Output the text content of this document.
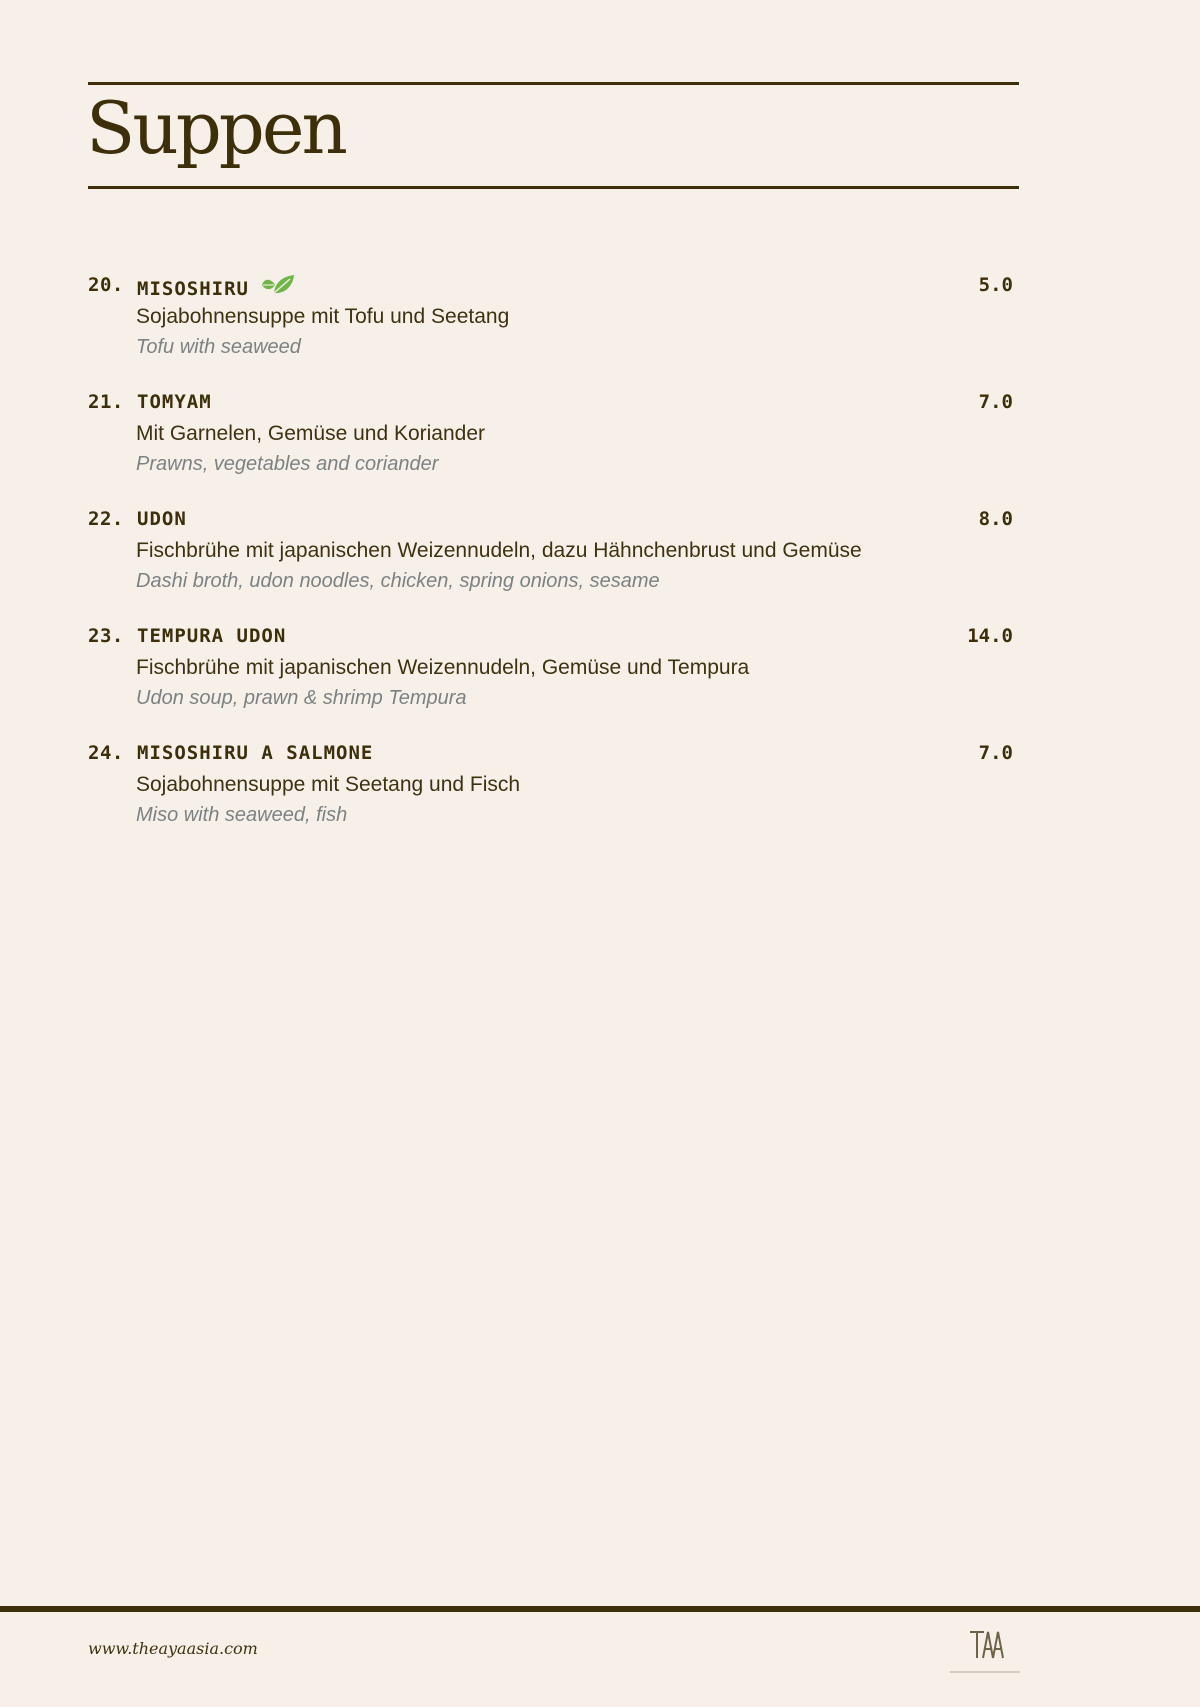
Suppen
20. MISOSHIRU	5.0
Sojabohnensuppe mit Tofu und Seetang
Tofu with seaweed
21. TOMYAM	7.0
Mit Garnelen, Gemüse und Koriander
Prawns, vegetables and coriander
22. UDON	8.0
Fischbrühe mit japanischen Weizennudeln, dazu Hähnchenbrust und Gemüse
Dashi broth, udon noodles, chicken, spring onions, sesame
23. TEMPURA UDON	14.0
Fischbrühe mit japanischen Weizennudeln, Gemüse und Tempura
Udon soup, prawn & shrimp Tempura
24. MISOSHIRU A SALMONE	7.0
Sojabohnensuppe mit Seetang und Fisch
Miso with seaweed, fish
www.theayaasia.com
